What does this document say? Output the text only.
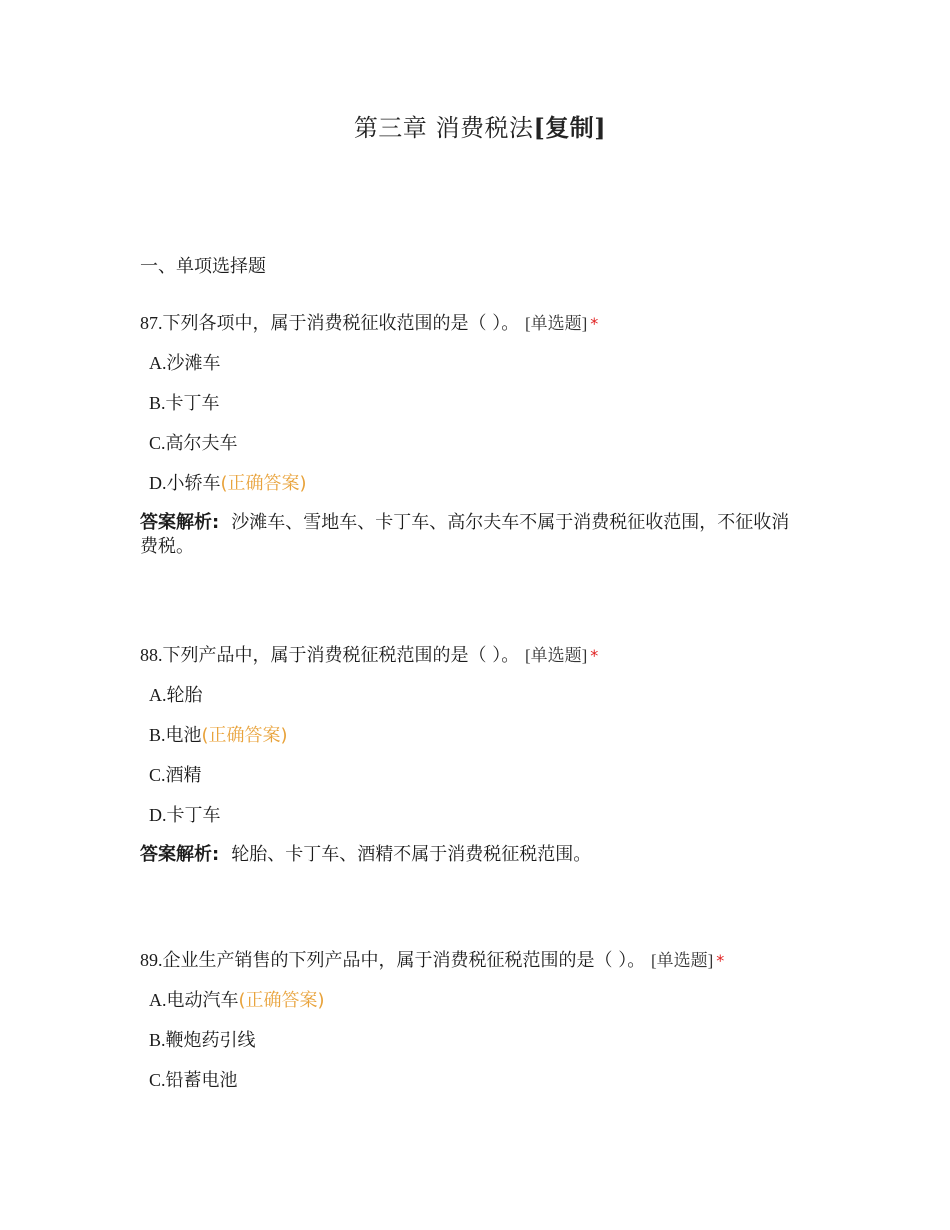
第三章 消费税法[复制]
一、单项选择题
87.下列各项中，属于消费税征收范围的是（ ）。 [单选题] *
A.沙滩车
B.卡丁车
C.高尔夫车
D.小轿车(正确答案)
答案解析: 沙滩车、雪地车、卡丁车、高尔夫车不属于消费税征收范围，不征收消费税。
88.下列产品中，属于消费税征税范围的是（ ）。 [单选题] *
A.轮胎
B.电池(正确答案)
C.酒精
D.卡丁车
答案解析: 轮胎、卡丁车、酒精不属于消费税征税范围。
89.企业生产销售的下列产品中，属于消费税征税范围的是（ ）。 [单选题] *
A.电动汽车(正确答案)
B.鞭炮药引线
C.铅蓄电池
